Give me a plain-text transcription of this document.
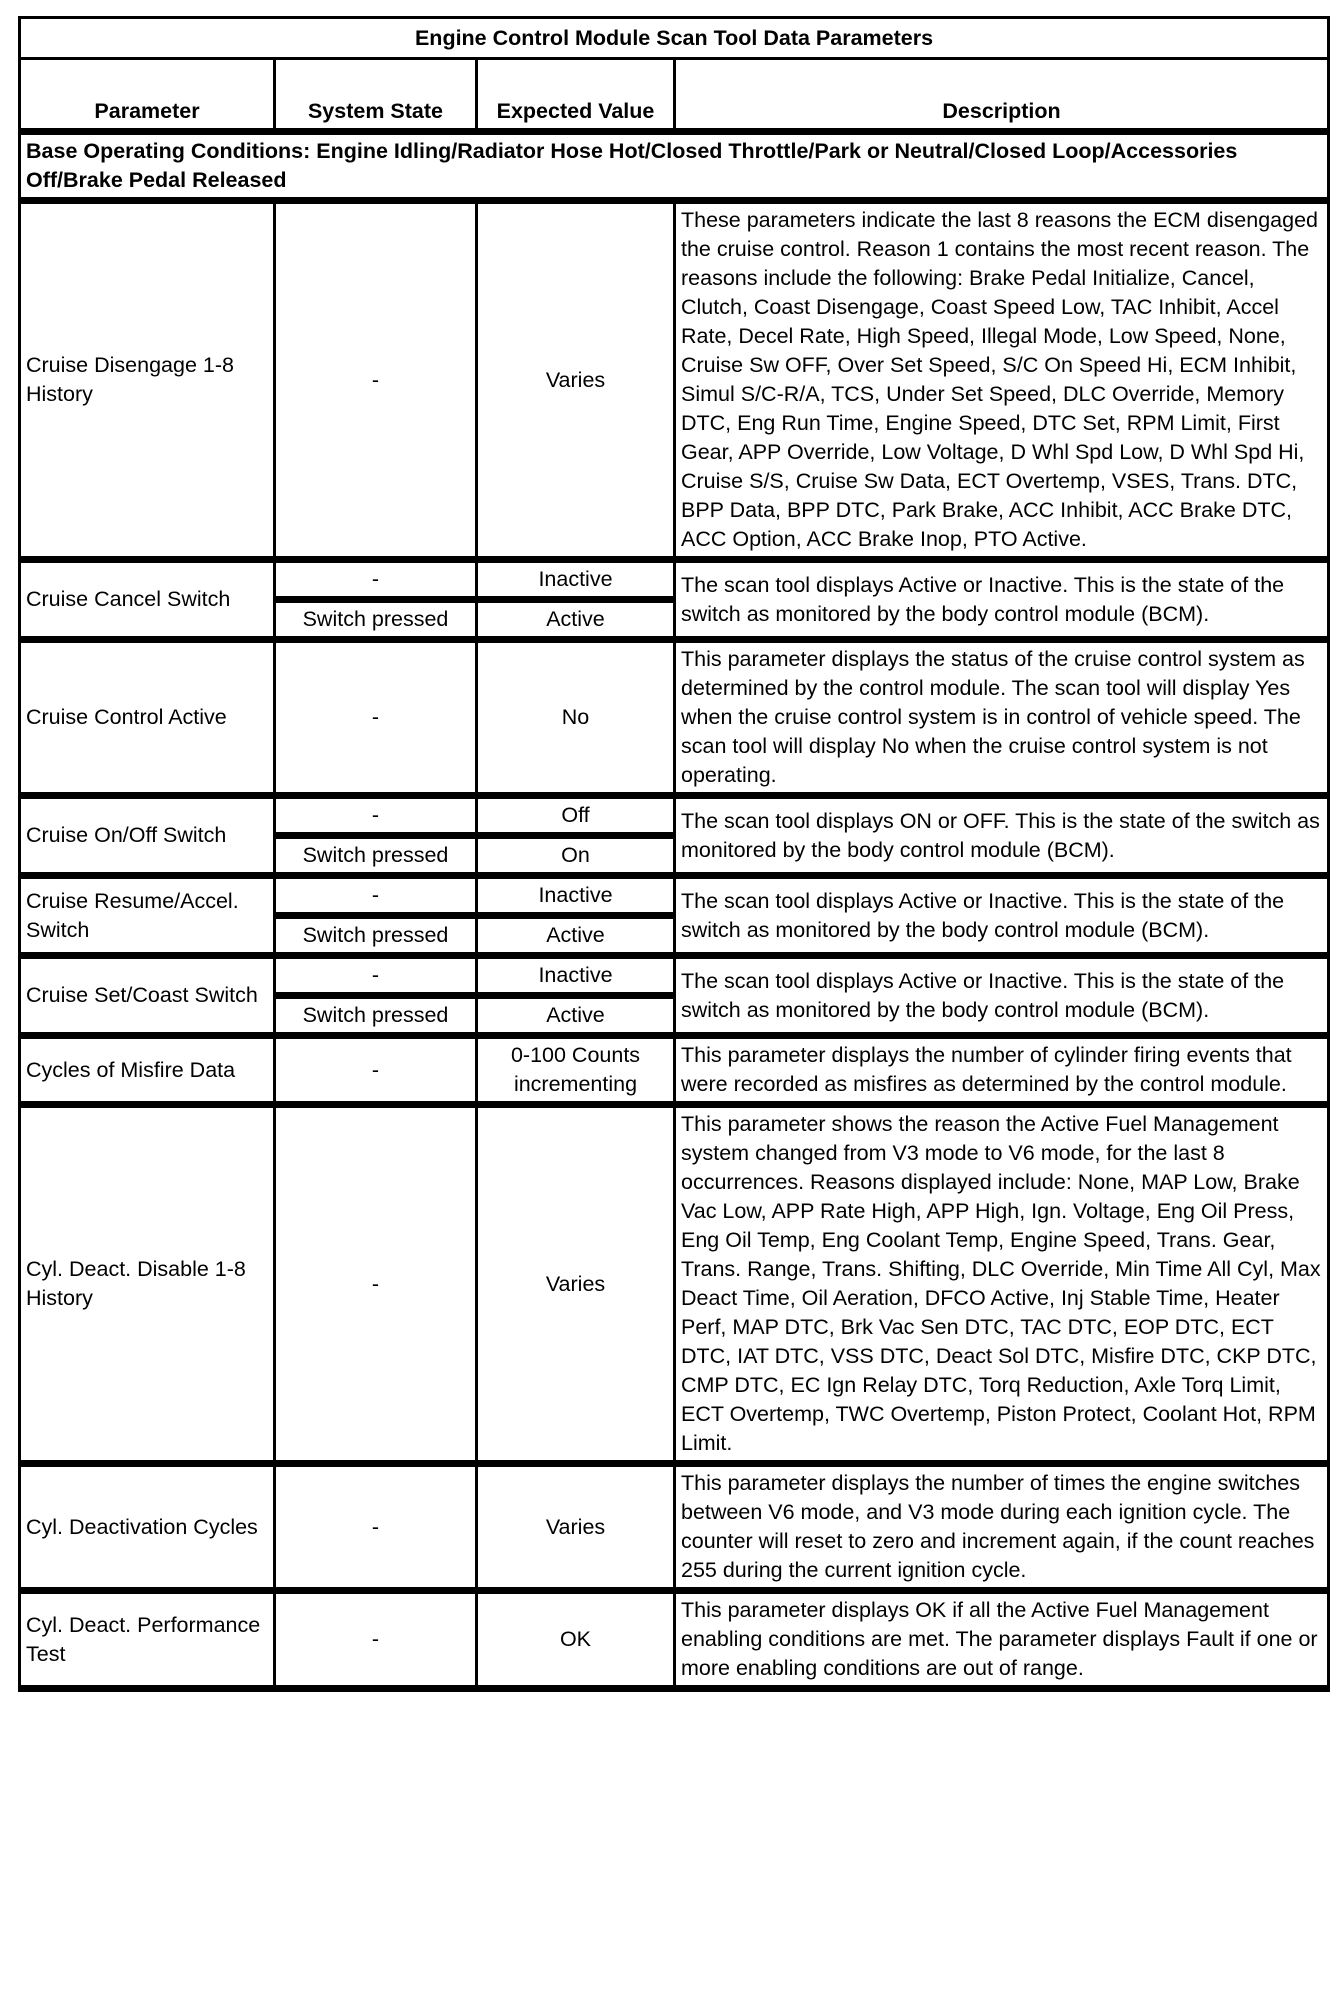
Engine Control Module Scan Tool Data Parameters			
Parameter	System State	Expected Value	Description
Base Operating Conditions: Engine Idling/Radiator Hose Hot/Closed Throttle/Park or Neutral/Closed Loop/Accessories Off/Brake Pedal Released			
Cruise Disengage 1-8 History	-	Varies	These parameters indicate the last 8 reasons the ECM disengaged the cruise control. Reason 1 contains the most recent reason. The reasons include the following: Brake Pedal Initialize, Cancel, Clutch, Coast Disengage, Coast Speed Low, TAC Inhibit, Accel Rate, Decel Rate, High Speed, Illegal Mode, Low Speed, None, Cruise Sw OFF, Over Set Speed, S/C On Speed Hi, ECM Inhibit, Simul S/C-R/A, TCS, Under Set Speed, DLC Override, Memory DTC, Eng Run Time, Engine Speed, DTC Set, RPM Limit, First Gear, APP Override, Low Voltage, D Whl Spd Low, D Whl Spd Hi, Cruise S/S, Cruise Sw Data, ECT Overtemp, VSES, Trans. DTC, BPP Data, BPP DTC, Park Brake, ACC Inhibit, ACC Brake DTC, ACC Option, ACC Brake Inop, PTO Active.
Cruise Cancel Switch	-	Inactive	The scan tool displays Active or Inactive. This is the state of the switch as monitored by the body control module (BCM).
	Switch pressed	Active	
Cruise Control Active	-	No	This parameter displays the status of the cruise control system as determined by the control module. The scan tool will display Yes when the cruise control system is in control of vehicle speed. The scan tool will display No when the cruise control system is not operating.
Cruise On/Off Switch	-	Off	The scan tool displays ON or OFF. This is the state of the switch as monitored by the body control module (BCM).
	Switch pressed	On	
Cruise Resume/Accel. Switch	-	Inactive	The scan tool displays Active or Inactive. This is the state of the switch as monitored by the body control module (BCM).
	Switch pressed	Active	
Cruise Set/Coast Switch	-	Inactive	The scan tool displays Active or Inactive. This is the state of the switch as monitored by the body control module (BCM).
	Switch pressed	Active	
Cycles of Misfire Data	-	0-100 Counts incrementing	This parameter displays the number of cylinder firing events that were recorded as misfires as determined by the control module.
Cyl. Deact. Disable 1-8 History	-	Varies	This parameter shows the reason the Active Fuel Management system changed from V3 mode to V6 mode, for the last 8 occurrences. Reasons displayed include: None, MAP Low, Brake Vac Low, APP Rate High, APP High, Ign. Voltage, Eng Oil Press, Eng Oil Temp, Eng Coolant Temp, Engine Speed, Trans. Gear, Trans. Range, Trans. Shifting, DLC Override, Min Time All Cyl, Max Deact Time, Oil Aeration, DFCO Active, Inj Stable Time, Heater Perf, MAP DTC, Brk Vac Sen DTC, TAC DTC, EOP DTC, ECT DTC, IAT DTC, VSS DTC, Deact Sol DTC, Misfire DTC, CKP DTC, CMP DTC, EC Ign Relay DTC, Torq Reduction, Axle Torq Limit, ECT Overtemp, TWC Overtemp, Piston Protect, Coolant Hot, RPM Limit.
Cyl. Deactivation Cycles	-	Varies	This parameter displays the number of times the engine switches between V6 mode, and V3 mode during each ignition cycle. The counter will reset to zero and increment again, if the count reaches 255 during the current ignition cycle.
Cyl. Deact. Performance Test	-	OK	This parameter displays OK if all the Active Fuel Management enabling conditions are met. The parameter displays Fault if one or more enabling conditions are out of range.
